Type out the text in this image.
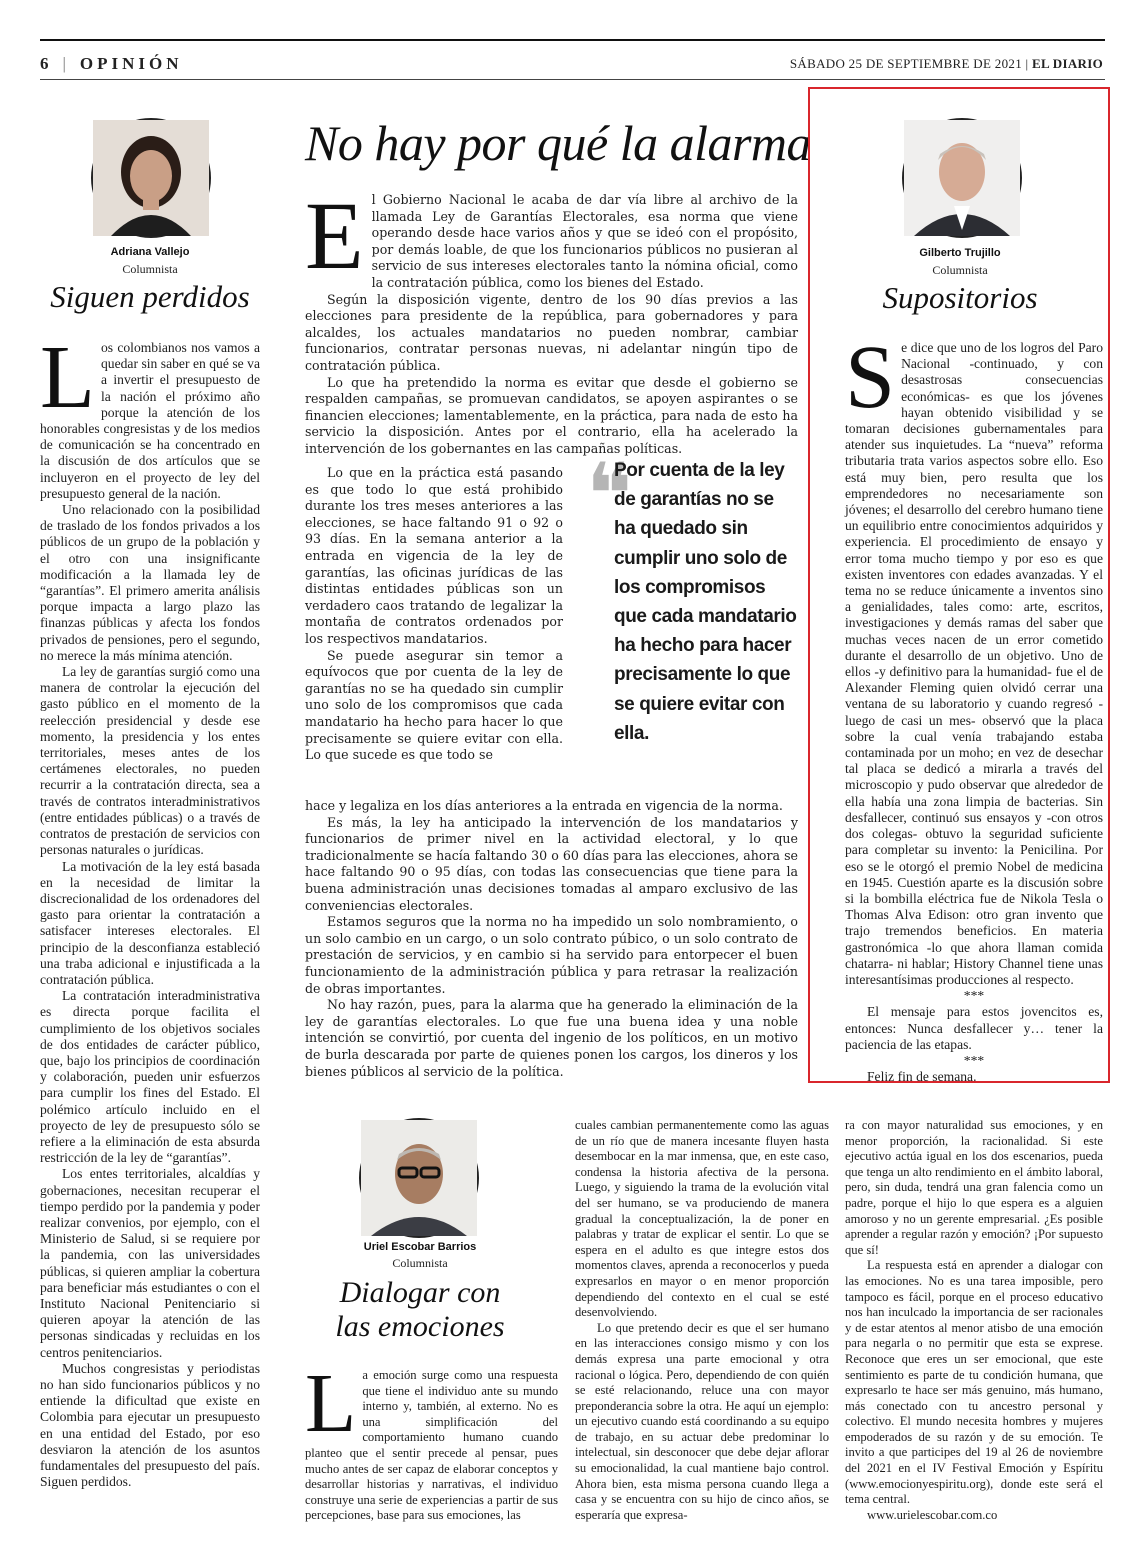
6 | OPINIÓN	SÁBADO 25 DE SEPTIEMBRE DE 2021 | EL DIARIO
Adriana Vallejo
Columnista
Siguen perdidos

Los colombianos nos vamos a quedar sin saber en qué se va a invertir el presupuesto de la nación el próximo año porque la atención de los honorables congresistas y de los medios de comunicación se ha concentrado en la discusión de dos artículos que se incluyeron en el proyecto de ley del presupuesto general de la nación.

Uno relacionado con la posibilidad de traslado de los fondos privados a los públicos de un grupo de la población y el otro con una insignificante modificación a la llamada ley de “garantías”. El primero amerita análisis porque impacta a largo plazo las finanzas públicas y afecta los fondos privados de pensiones, pero el segundo, no merece la más mínima atención.

La ley de garantías surgió como una manera de controlar la ejecución del gasto público en el momento de la reelección presidencial y desde ese momento, la presidencia y los entes territoriales, meses antes de los certámenes electorales, no pueden recurrir a la contratación directa, sea a través de contratos interadministrativos (entre entidades públicas) o a través de contratos de prestación de servicios con personas naturales o jurídicas.

La motivación de la ley está basada en la necesidad de limitar la discrecionalidad de los ordenadores del gasto para orientar la contratación a satisfacer intereses electorales. El principio de la desconfianza estableció una traba adicional e injustificada a la contratación pública.

La contratación interadministrativa es directa porque facilita el cumplimiento de los objetivos sociales de dos entidades de carácter público, que, bajo los principios de coordinación y colaboración, pueden unir esfuerzos para cumplir los fines del Estado. El polémico artículo incluido en el proyecto de ley de presupuesto sólo se refiere a la eliminación de esta absurda restricción de la ley de “garantías”.

Los entes territoriales, alcaldías y gobernaciones, necesitan recuperar el tiempo perdido por la pandemia y poder realizar convenios, por ejemplo, con el Ministerio de Salud, si se requiere por la pandemia, con las universidades públicas, si quieren ampliar la cobertura para beneficiar más estudiantes o con el Instituto Nacional Penitenciario si quieren apoyar la atención de las personas sindicadas y recluidas en los centros penitenciarios.

Muchos congresistas y periodistas no han sido funcionarios públicos y no entiende la dificultad que existe en Colombia para ejecutar un presupuesto en una entidad del Estado, por eso desviaron la atención de los asuntos fundamentales del presupuesto del país. Siguen perdidos.

No hay por qué la alarma

El Gobierno Nacional le acaba de dar vía libre al archivo de la llamada Ley de Garantías Electorales, esa norma que viene operando desde hace varios años y que se ideó con el propósito, por demás loable, de que los funcionarios públicos no pusieran al servicio de sus intereses electorales tanto la nómina oficial, como la contratación pública, como los bienes del Estado.

Según la disposición vigente, dentro de los 90 días previos a las elecciones para presidente de la república, para gobernadores y para alcaldes, los actuales mandatarios no pueden nombrar, cambiar funcionarios, contratar personas nuevas, ni adelantar ningún tipo de contratación pública.

Lo que ha pretendido la norma es evitar que desde el gobierno se respalden campañas, se promuevan candidatos, se apoyen aspirantes o se financien elecciones; lamentablemente, en la práctica, para nada de esto ha servicio la disposición. Antes por el contrario, ella ha acelerado la intervención de los gobernantes en las campañas políticas.

Lo que en la práctica está pasando es que todo lo que está prohibido durante los tres meses anteriores a las elecciones, se hace faltando 91 o 92 o 93 días. En la semana anterior a la entrada en vigencia de la ley de garantías, las oficinas jurídicas de las distintas entidades públicas son un verdadero caos tratando de legalizar la montaña de contratos ordenados por los respectivos mandatarios.

Se puede asegurar sin temor a equívocos que por cuenta de la ley de garantías no se ha quedado sin cumplir uno solo de los compromisos que cada mandatario ha hecho para hacer lo que precisamente se quiere evitar con ella. Lo que sucede es que todo se

❝
Por cuenta de la ley de garantías no se ha quedado sin cumplir uno solo de los compromisos que cada mandatario ha hecho para hacer precisamente lo que se quiere evitar con ella.

hace y legaliza en los días anteriores a la entrada en vigencia de la norma.

Es más, la ley ha anticipado la intervención de los mandatarios y funcionarios de primer nivel en la actividad electoral, y lo que tradicionalmente se hacía faltando 30 o 60 días para las elecciones, ahora se hace faltando 90 o 95 días, con todas las consecuencias que tiene para la buena administración unas decisiones tomadas al amparo exclusivo de las conveniencias electorales.

Estamos seguros que la norma no ha impedido un solo nombramiento, o un solo cambio en un cargo, o un solo contrato púbico, o un solo contrato de prestación de servicios, y en cambio si ha servido para entorpecer el buen funcionamiento de la administración pública y para retrasar la realización de obras importantes.

No hay razón, pues, para la alarma que ha generado la eliminación de la ley de garantías electorales. Lo que fue una buena idea y una noble intención se convirtió, por cuenta del ingenio de los políticos, en un motivo de burla descarada por parte de quienes ponen los cargos, los dineros y los bienes públicos al servicio de la política.

Gilberto Trujillo
Columnista
Supositorios

Se dice que uno de los logros del Paro Nacional -continuado, y con desastrosas consecuencias económicas- es que los jóvenes hayan obtenido visibilidad y se tomaran decisiones gubernamentales para atender sus inquietudes. La “nueva” reforma tributaria trata varios aspectos sobre ello. Eso está muy bien, pero resulta que los emprendedores no necesariamente son jóvenes; el desarrollo del cerebro humano tiene un equilibrio entre conocimientos adquiridos y experiencia. El procedimiento de ensayo y error toma mucho tiempo y por eso es que existen inventores con edades avanzadas. Y el tema no se reduce únicamente a inventos sino a genialidades, tales como: arte, escritos, investigaciones y demás ramas del saber que muchas veces nacen de un error cometido durante el desarrollo de un objetivo. Uno de ellos -y definitivo para la humanidad- fue el de Alexander Fleming quien olvidó cerrar una ventana de su laboratorio y cuando regresó -luego de casi un mes- observó que la placa sobre la cual venía trabajando estaba contaminada por un moho; en vez de desechar tal placa se dedicó a mirarla a través del microscopio y pudo observar que alrededor de ella había una zona limpia de bacterias. Sin desfallecer, continuó sus ensayos y -con otros dos colegas- obtuvo la seguridad suficiente para completar su invento: la Penicilina. Por eso se le otorgó el premio Nobel de medicina en 1945. Cuestión aparte es la discusión sobre si la bombilla eléctrica fue de Nikola Tesla o Thomas Alva Edison: otro gran invento que trajo tremendos beneficios. En materia gastronómica -lo que ahora llaman comida chatarra- ni hablar; History Channel tiene unas interesantísimas producciones al respecto.

***

El mensaje para estos jovencitos es, entonces: Nunca desfallecer y… tener la paciencia de las etapas.

***

Feliz fin de semana.

Uriel Escobar Barrios
Columnista
Dialogar con
las emociones

La emoción surge como una respuesta que tiene el individuo ante su mundo interno y, también, al externo. No es una simplificación del comportamiento humano cuando planteo que el sentir precede al pensar, pues mucho antes de ser capaz de elaborar conceptos y desarrollar historias y narrativas, el individuo construye una serie de experiencias a partir de sus percepciones, base para sus emociones, las

cuales cambian permanentemente como las aguas de un río que de manera incesante fluyen hasta desembocar en la mar inmensa, que, en este caso, condensa la historia afectiva de la persona. Luego, y siguiendo la trama de la evolución vital del ser humano, se va produciendo de manera gradual la conceptualización, la de poner en palabras y tratar de explicar el sentir. Lo que se espera en el adulto es que integre estos dos momentos claves, aprenda a reconocerlos y pueda expresarlos en mayor o en menor proporción dependiendo del contexto en el cual se esté desenvolviendo.

Lo que pretendo decir es que el ser humano en las interacciones consigo mismo y con los demás expresa una parte emocional y otra racional o lógica. Pero, dependiendo de con quién se esté relacionando, reluce una con mayor preponderancia sobre la otra. He aquí un ejemplo: un ejecutivo cuando está coordinando a su equipo de trabajo, en su actuar debe predominar lo intelectual, sin desconocer que debe dejar aflorar su emocionalidad, la cual mantiene bajo control. Ahora bien, esta misma persona cuando llega a casa y se encuentra con su hijo de cinco años, se esperaría que expresa-

ra con mayor naturalidad sus emociones, y en menor proporción, la racionalidad. Si este ejecutivo actúa igual en los dos escenarios, pueda que tenga un alto rendimiento en el ámbito laboral, pero, sin duda, tendrá una gran falencia como un padre, porque el hijo lo que espera es a alguien amoroso y no un gerente empresarial. ¿Es posible aprender a regular razón y emoción? ¡Por supuesto que sí!

La respuesta está en aprender a dialogar con las emociones. No es una tarea imposible, pero tampoco es fácil, porque en el proceso educativo nos han inculcado la importancia de ser racionales y de estar atentos al menor atisbo de una emoción para negarla o no permitir que esta se exprese. Reconoce que eres un ser emocional, que este sentimiento es parte de tu condición humana, que expresarlo te hace ser más genuino, más humano, más conectado con tu ancestro personal y colectivo. El mundo necesita hombres y mujeres empoderados de su razón y de su emoción. Te invito a que participes del 19 al 26 de noviembre del 2021 en el IV Festival Emoción y Espíritu (www.emocionyespiritu.org), donde este será el tema central.

www.urielescobar.com.co
